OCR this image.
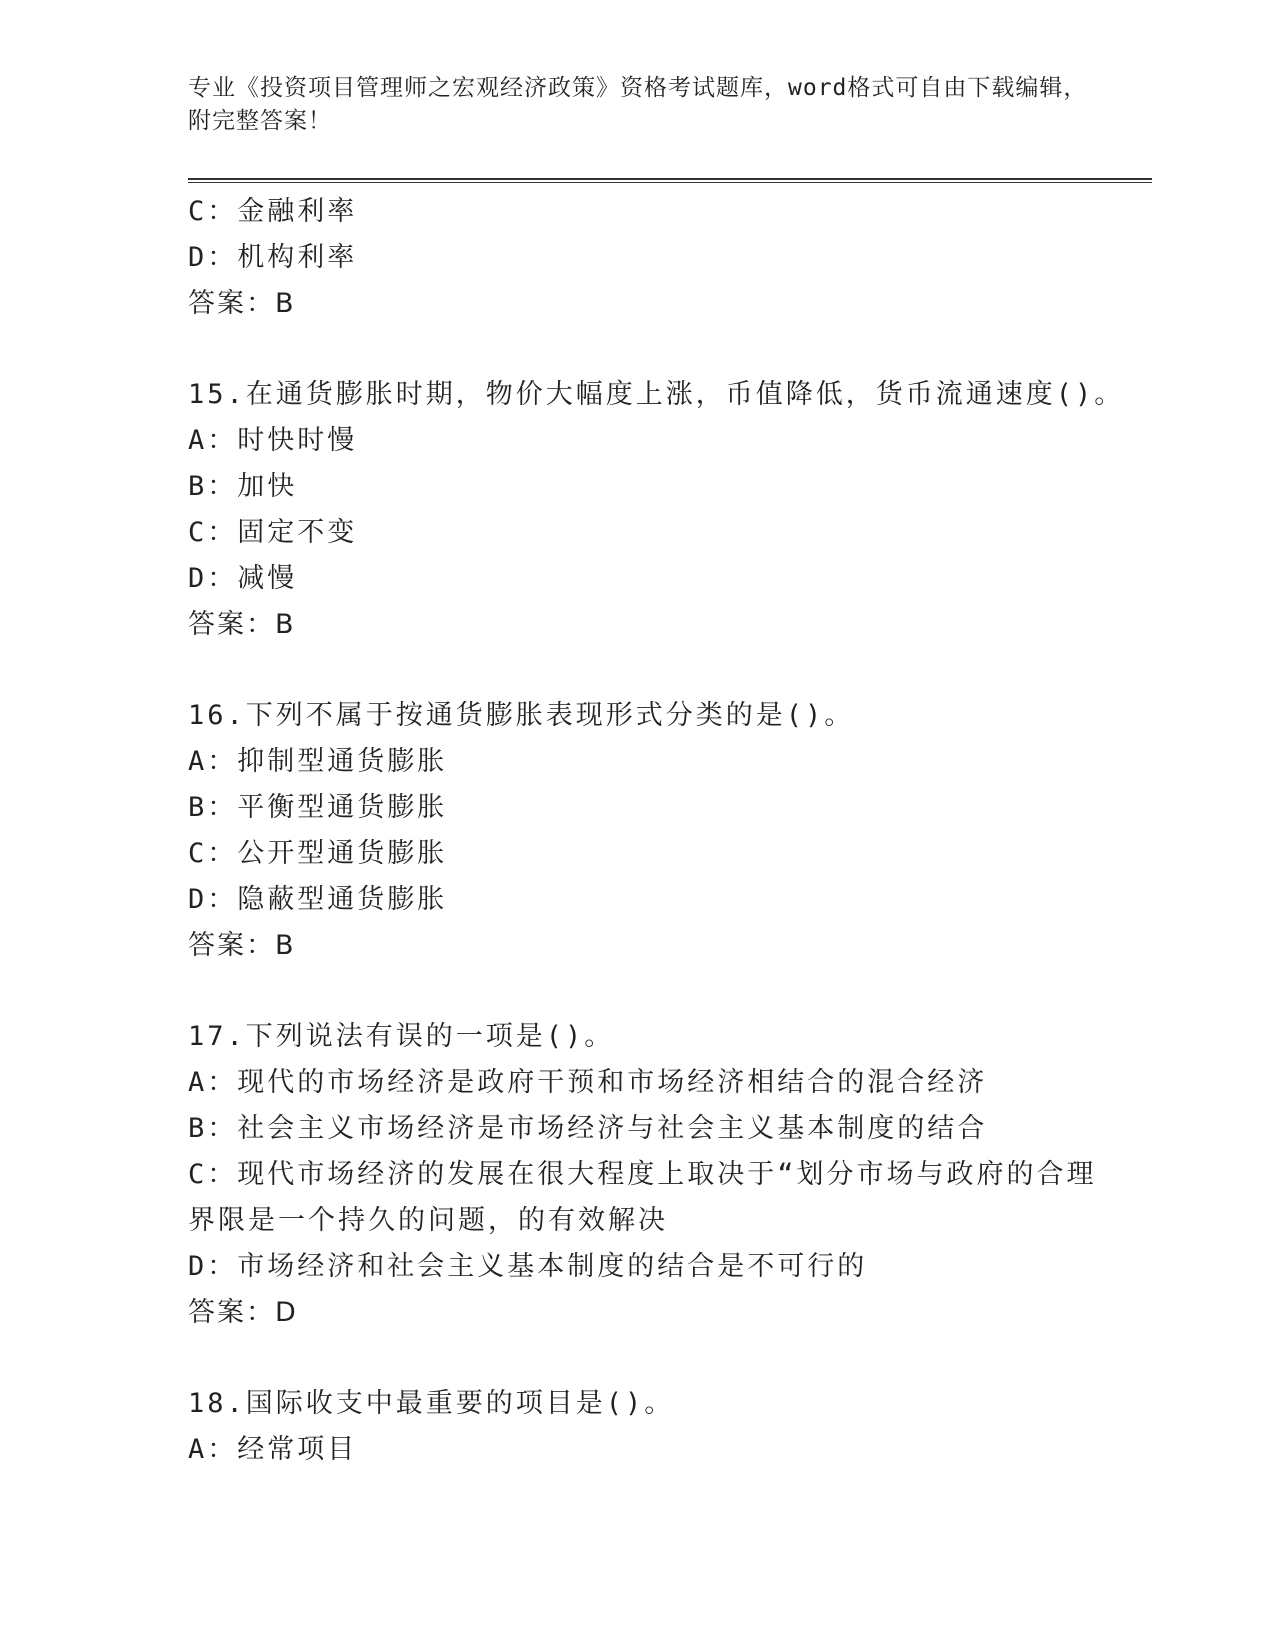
专业《投资项目管理师之宏观经济政策》资格考试题库，word格式可自由下载编辑，附完整答案！
C：金融利率
D：机构利率
答案：B
15.在通货膨胀时期，物价大幅度上涨，币值降低，货币流通速度()。
A：时快时慢
B：加快
C：固定不变
D：减慢
答案：B
16.下列不属于按通货膨胀表现形式分类的是()。
A：抑制型通货膨胀
B：平衡型通货膨胀
C：公开型通货膨胀
D：隐蔽型通货膨胀
答案：B
17.下列说法有误的一项是()。
A：现代的市场经济是政府干预和市场经济相结合的混合经济
B：社会主义市场经济是市场经济与社会主义基本制度的结合
C：现代市场经济的发展在很大程度上取决于“划分市场与政府的合理
界限是一个持久的问题，的有效解决
D：市场经济和社会主义基本制度的结合是不可行的
答案：D
18.国际收支中最重要的项目是()。
A：经常项目
